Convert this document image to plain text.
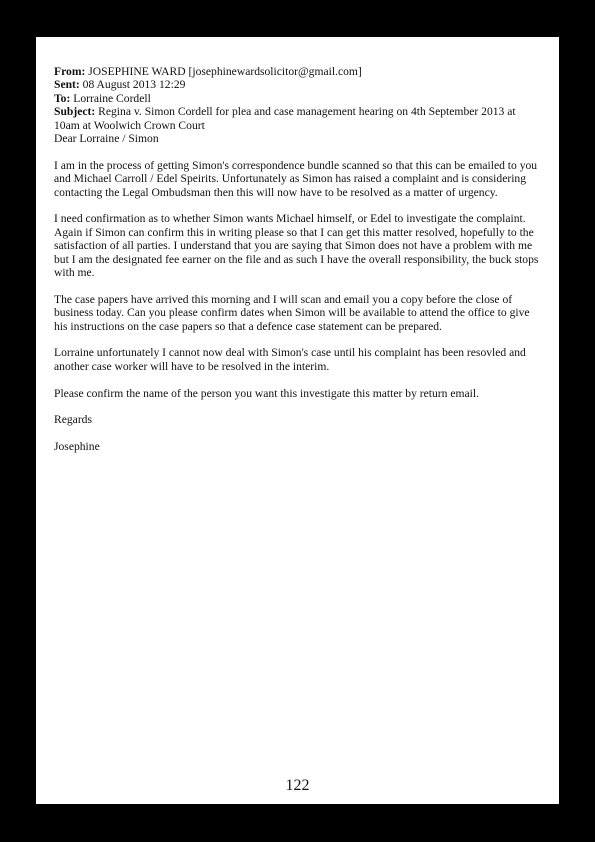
From: JOSEPHINE WARD [josephinewardsolicitor@gmail.com]
Sent: 08 August 2013 12:29
To: Lorraine Cordell
Subject: Regina v. Simon Cordell for plea and case management hearing on 4th September 2013 at 10am at Woolwich Crown Court
Dear Lorraine / Simon

I am in the process of getting Simon's correspondence bundle scanned so that this can be emailed to you and Michael Carroll / Edel Speirits. Unfortunately as Simon has raised a complaint and is considering contacting the Legal Ombudsman then this will now have to be resolved as a matter of urgency.

I need confirmation as to whether Simon wants Michael himself, or Edel to investigate the complaint. Again if Simon can confirm this in writing please so that I can get this matter resolved, hopefully to the satisfaction of all parties. I understand that you are saying that Simon does not have a problem with me but I am the designated fee earner on the file and as such I have the overall responsibility, the buck stops with me.

The case papers have arrived this morning and I will scan and email you a copy before the close of business today. Can you please confirm dates when Simon will be available to attend the office to give his instructions on the case papers so that a defence case statement can be prepared.

Lorraine unfortunately I cannot now deal with Simon's case until his complaint has been resovled and another case worker will have to be resolved in the interim.

Please confirm the name of the person you want this investigate this matter by return email.

Regards

Josephine

122
